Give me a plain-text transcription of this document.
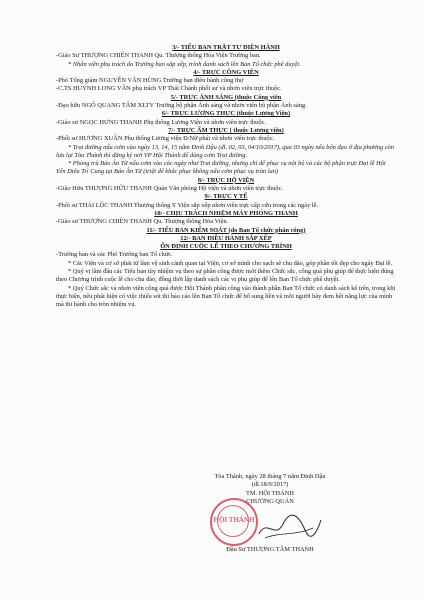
3/- TIỂU BAN TRẬT TỰ ĐIỆN HÀNH

-Giáo Sư THƯỢNG CHIÊN THANH Qu. Thượng thống Hòa Viện Trường ban.

* Nhân viên phụ trách do Trưởng ban sắp xếp, trình danh sách lên Ban Tổ chức phê duyệt.

4/- TRỰC CÔNG VIÊN

-Phó Tổng giám NGUYỄN VĂN HÙNG Trưởng ban điều hành công thợ

-C.TS HUỲNH LONG VÂN phụ trách VP Thái Chánh phối sư và nhơn viên trực thuộc.

5/- TRỰC ÁNH SÁNG (thuộc Công viên

-Đạo hữu NGÔ QUANG TÂM XLTV Trưởng bộ phận Ánh sáng và nhơn viên bộ phận Ánh sáng.

6/- TRỰC LƯƠNG THỰC (thuộc Lương Viện)

-Giáo sư NGỌC HƯNG THANH Phụ thống Lương Viện và nhơn viên trực thuộc.

7/- TRỰC ẨM THỰC ( thuộc Lương viện)

-Phối sư HƯƠNG XUÂN Phụ thống Lương viện Đ/Nữ phái và nhơn viên trực thuộc.

* Trai đường nấu cơm vào ngày 13, 14, 15 năm Đinh Dậu (dl. 02, 03, 04/10/2017), qua 03 ngày nếu bổn đạo ở địa phương còn lưu lại Tòa Thánh thì đăng ký nơi VP Hội Thánh để dùng cơm Trai đường.

* Phòng trù Báo Ân Từ nấu cơm vào các ngày như Trai đường, nhưng chỉ để phục vụ nội bộ và các bộ phận trực Đại lễ Hội Yến Diêu Trì Cung tại Báo Ân Từ (triệt để khắc phục không nấu cơm phục vụ tràn lan)

8/- TRỰC HỘ VIỆN

-Giáo Hữu THƯỢNG HỮU THANH Quản Văn phòng Hộ viện và nhơn viên trực thuộc.

9/- TRỰC Y TẾ

-Phối sư THÁI LỘC THANH Thượng thống Y Viện sắp xếp nhơn viên trực cấp cứu trong các ngày lễ.

10/- CHỊU TRÁCH NHIỆM MÁY PHÓNG THANH

-Giáo sư THƯỢNG CHIÊN THANH Qu. Thượng thống Hòa Viện.

11/- TIỂU BAN KIỂM SOÁT (do Ban Tổ chức phân công)
12/- BAN ĐIỀU HÀNH SẮP XẾP
ỔN ĐỊNH CUỘC LỄ THEO CHƯƠNG TRÌNH

-Trưởng ban và các Phó Trưởng ban Tổ chức.

* Các Viện và cơ sở phải từ làm vệ sinh cảnh quan tại Viện, cơ sở mình cho sạch sẽ chu đáo, góp phần tốt đẹp cho ngày Đại lễ.

* Quý vị lãm đầu các Tiểu ban tùy nhiệm vụ theo sự phân công được mời thêm Chức sắc, công quả phụ giúp để thực hiện đúng theo Chương trình cuộc lễ cho chu đáo, đồng thời lập danh sách các vị phụ giúp để lên Ban Tổ chức phê duyệt.

* Quý Chức sắc và nhơn viên công quả được Hội Thánh phân công vào thành phần Ban Tổ chức có danh sách kể trên, trong khi thực hiện, nếu phát hiện có việc thiếu sót thì báo cáo lên Ban Tổ chức để bổ sung liền và mỗi người hãy đem hết năng lực của mình mà thi hành cho tròn nhiệm vụ.

Tòa Thánh, ngày 28 tháng 7 năm Đinh Dậu
(dl.18/9/2017)
TM. HỘI THÁNH
CHƯỞNG QUẢN
Đầu Sư THƯỢNG TÂM THANH
HỘI THÁNH
